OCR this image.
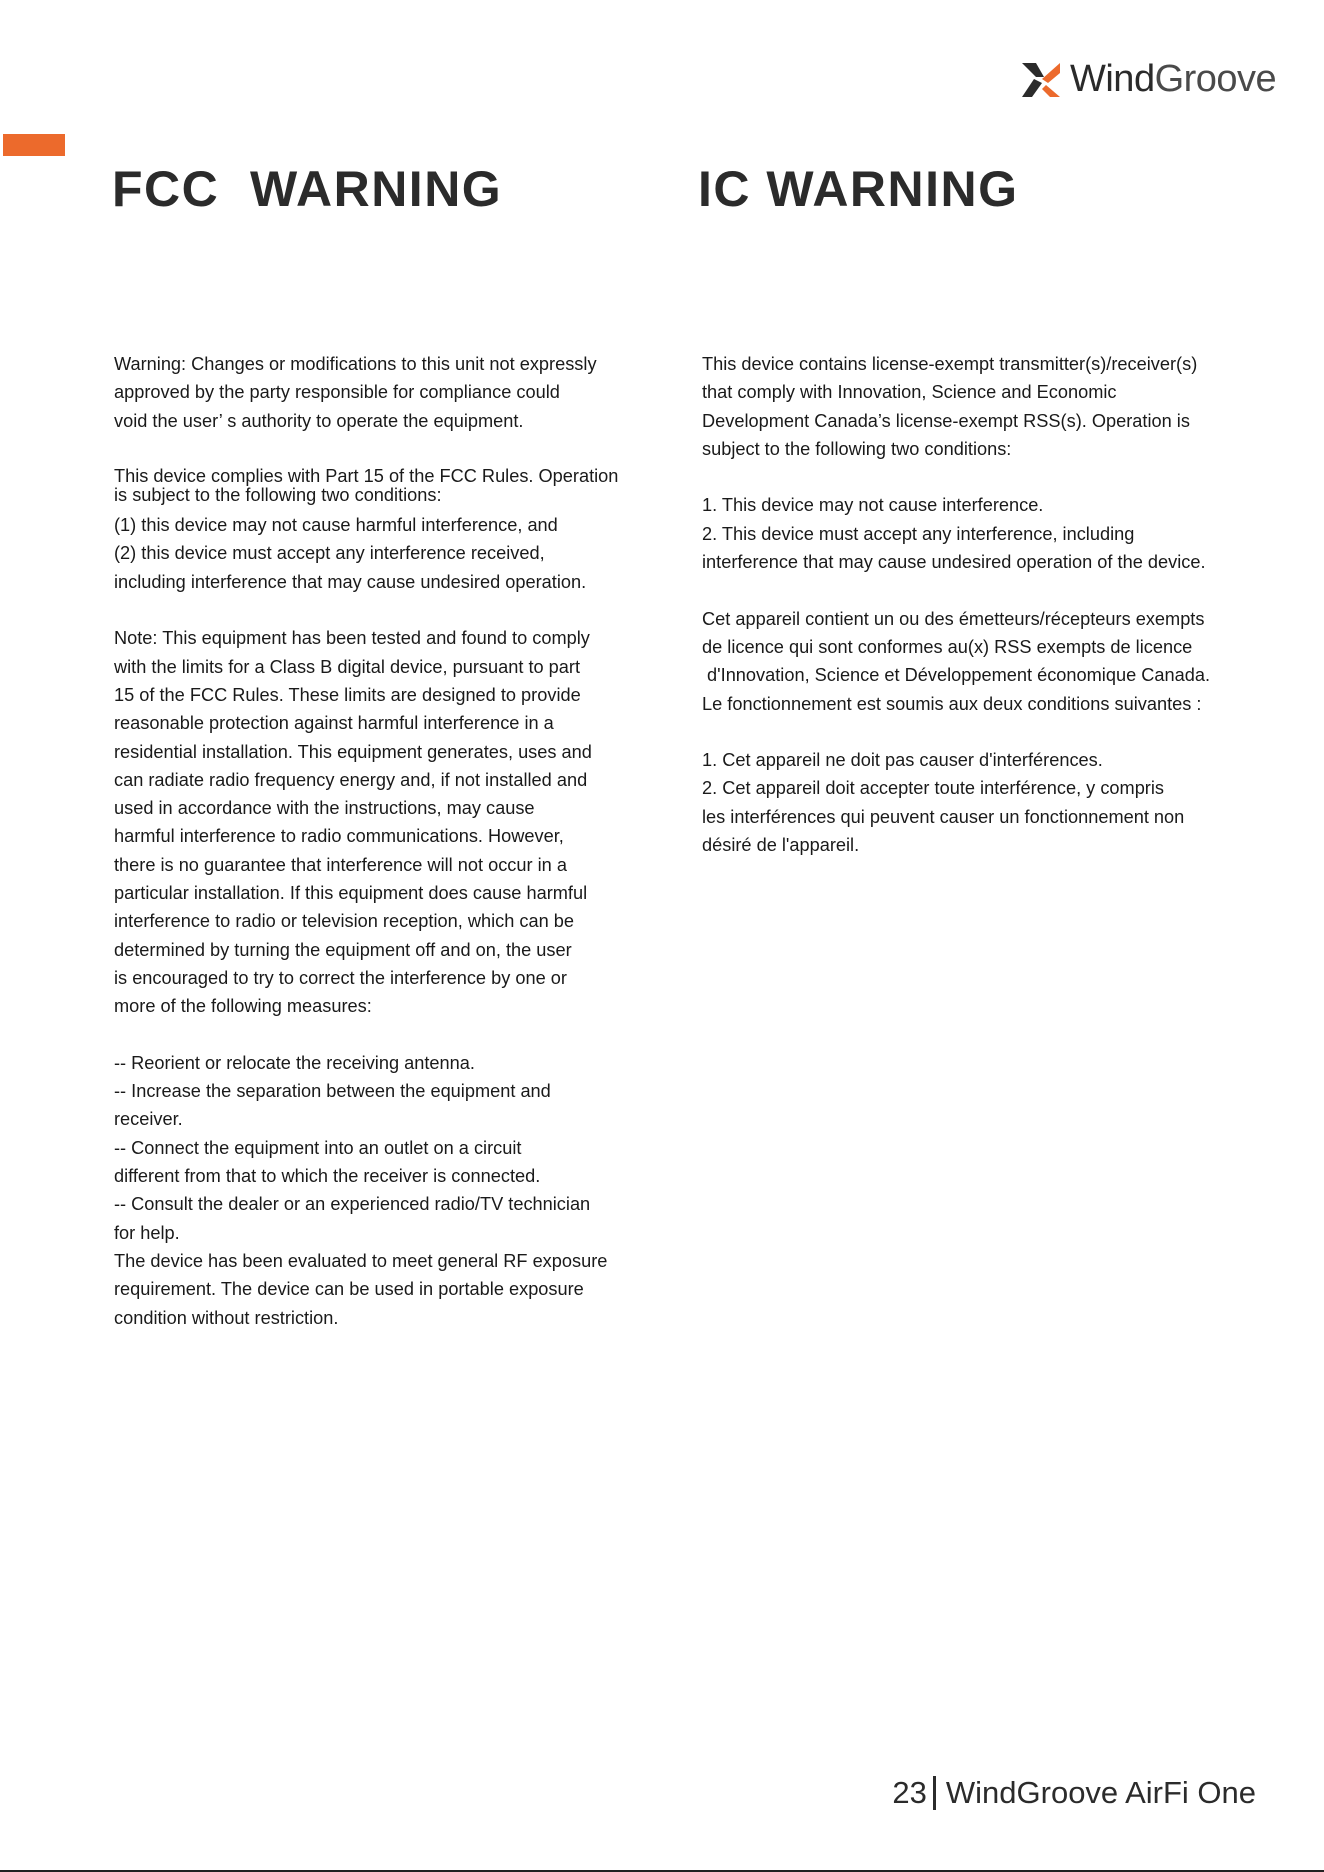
WindGroove
FCC  WARNING	IC WARNING

Warning: Changes or modifications to this unit not expressly

approved by the party responsible for compliance could

void the user’ s authority to operate the equipment.

This device complies with Part 15 of the FCC Rules. Operation

is subject to the following two conditions:

(1) this device may not cause harmful interference, and

(2) this device must accept any interference received,

including interference that may cause undesired operation.

Note: This equipment has been tested and found to comply

with the limits for a Class B digital device, pursuant to part

15 of the FCC Rules. These limits are designed to provide

reasonable protection against harmful interference in a

residential installation. This equipment generates, uses and

can radiate radio frequency energy and, if not installed and

used in accordance with the instructions, may cause

harmful interference to radio communications. However,

there is no guarantee that interference will not occur in a

particular installation. If this equipment does cause harmful

interference to radio or television reception, which can be

determined by turning the equipment off and on, the user

is encouraged to try to correct the interference by one or

more of the following measures:

-- Reorient or relocate the receiving antenna.

-- Increase the separation between the equipment and

receiver.

-- Connect the equipment into an outlet on a circuit

different from that to which the receiver is connected.

-- Consult the dealer or an experienced radio/TV technician

for help.

The device has been evaluated to meet general RF exposure

requirement. The device can be used in portable exposure

condition without restriction.

This device contains license-exempt transmitter(s)/receiver(s)

that comply with Innovation, Science and Economic

Development Canada’s license-exempt RSS(s). Operation is

subject to the following two conditions:

1. This device may not cause interference.

2. This device must accept any interference, including

interference that may cause undesired operation of the device.

Cet appareil contient un ou des émetteurs/récepteurs exempts

de licence qui sont conformes au(x) RSS exempts de licence

d'Innovation, Science et Développement économique Canada.

Le fonctionnement est soumis aux deux conditions suivantes :

1. Cet appareil ne doit pas causer d'interférences.

2. Cet appareil doit accepter toute interférence, y compris

les interférences qui peuvent causer un fonctionnement non

désiré de l'appareil.

23 WindGroove AirFi One
